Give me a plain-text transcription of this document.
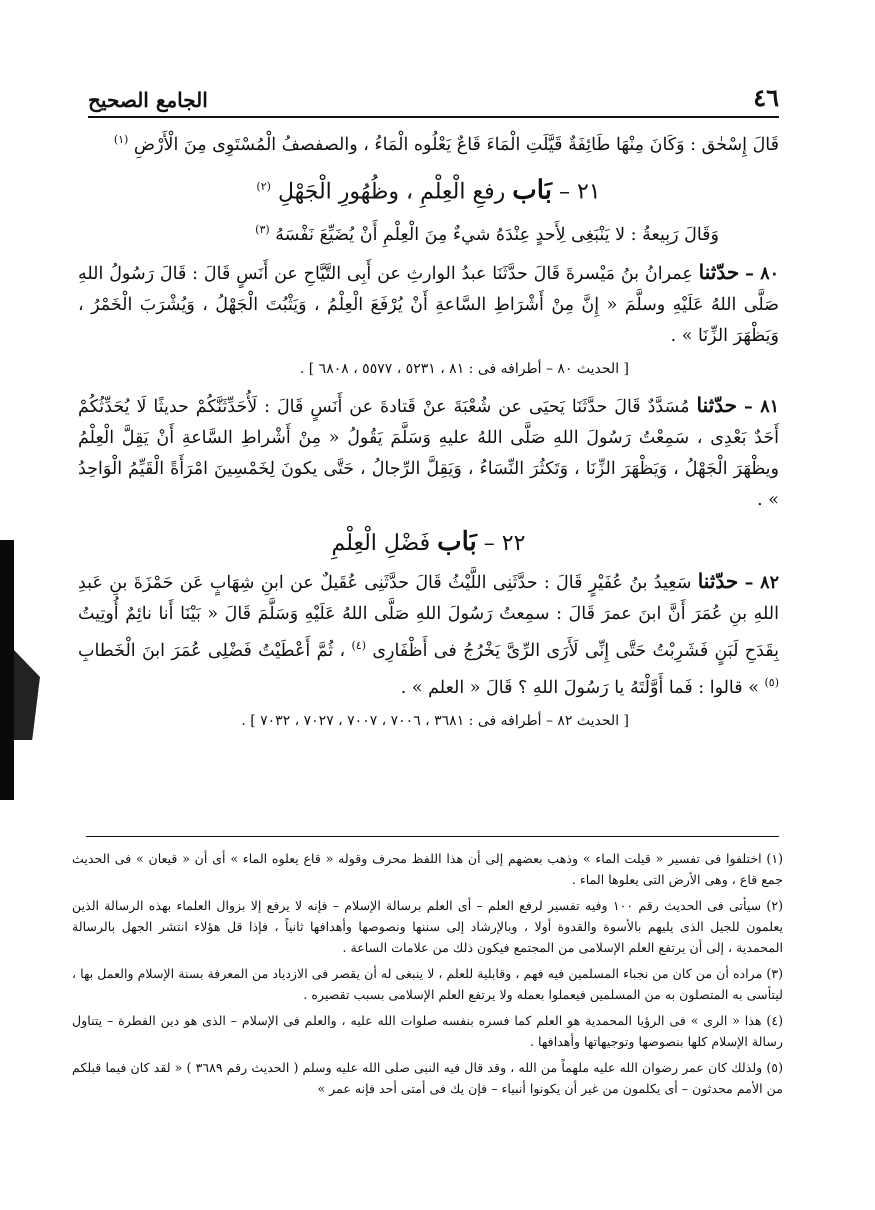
٤٦
الجامع الصحيح

قَالَ إِسْحٰق : وَكَانَ مِنْهَا طَائِفَةٌ قَيَّلَتِ الْمَاءَ قَاعٌ يَعْلُوه الْمَاءُ ، والصفصفُ الْمُسْتَوِى مِنَ الْأَرْضِ $^{(١)}$

٢١ – بَاب رفعِ الْعِلْمِ ، وظُهُورِ الْجَهْلِ $^{(٢)}$

وَقَالَ رَبِيعةُ : لا يَنْبَغِى لِأَحدٍ عِنْدَهُ شيءٌ مِنَ الْعِلْمِ أَنْ يُضَيِّعَ نَفْسَهُ $^{(٣)}$

٨٠ – حدّثنا عِمرانُ بنُ مَيْسرةَ قَالَ حدَّثَنَا عبدُ الوارثِ عن أَبِى التَّيَّاحِ عن أَنَسٍ قَالَ : قَالَ رَسُولُ اللهِ صَلَّى اللهُ عَلَيْهِ وسلَّمَ « إِنَّ مِنْ أَشْرَاطِ السَّاعةِ أَنْ يُرْفَعَ الْعِلْمُ ، وَيَثْبُتَ الْجَهْلُ ، وَيُشْرَبَ الْخَمْرُ ، وَيَظْهَرَ الزِّنَا » .

[ الحديث ٨٠ – أطرافه فى : ٨١ ، ٥٢٣١ ، ٥٥٧٧ ، ٦٨٠٨ ] .

٨١ – حدّثنا مُسَدَّدٌ قَالَ حدَّثَنَا يَحيَى عن شُعْبَةَ عنْ قَتادةَ عن أَنَسٍ قَالَ : لَأُحَدِّثَنَّكُمْ حديثًا لَا يُحَدِّثُكُمْ أَحَدٌ بَعْدِى ، سَمِعْتُ رَسُولَ اللهِ صَلَّى اللهُ عليهِ وَسَلَّمَ يَقُولُ « مِنْ أَشْراطِ السَّاعةِ أَنْ يَقِلَّ الْعِلْمُ ويظْهَرَ الْجَهْلُ ، وَيَظْهَرَ الزِّنَا ، وَتَكثُرَ النِّسَاءُ ، وَيَقِلَّ الرِّجالُ ، حَتَّى يكونَ لِخَمْسِينَ امْرَأَةً الْقَيِّمُ الْوَاحِدُ » .

٢٢ – بَاب فَضْلِ الْعِلْمِ

٨٢ – حدّثنا سَعِيدُ بنُ عُفَيْرٍ قَالَ : حدَّثَنِى اللَّيْثُ قَالَ حدَّثَنِى عُقَيلٌ عن ابنِ شِهَابٍ عَن حَمْزَةَ بنِ عَبدِ اللهِ بنِ عُمَرَ أَنَّ ابنَ عمرَ قَالَ : سمِعتُ رَسُولَ اللهِ صَلَّى اللهُ عَلَيْهِ وَسَلَّمَ قَالَ « بَيْنَا أَنا نائِمٌ أُوتِيتُ بِقَدَحِ لَبَنٍ فَشَرِبْتُ حَتَّى إِنِّى لَأَرَى الرِّىَّ يَخْرُجُ فى أَظْفَارِى $^{(٤)}$ ، ثُمَّ أَعْطَيْتُ فَضْلِى عُمَرَ ابنَ الْخَطابِ $^{(٥)}$ » قالوا : فَما أَوَّلْتَهُ يا رَسُولَ اللهِ ؟ قَالَ « العلم » .

[ الحديث ٨٢ – أطرافه فى : ٣٦٨١ ، ٧٠٠٦ ، ٧٠٠٧ ، ٧٠٢٧ ، ٧٠٣٢ ] .

(١) اختلفوا فى تفسير « قيلت الماء » وذهب بعضهم إلى أن هذا اللفظ محرف وقوله « قاع يعلوه الماء » أى أن « قيعان » فى الحديث جمع قاع ، وهى الأرض التى يعلوها الماء .

(٢) سيأتى فى الحديث رقم ١٠٠ وفيه تفسير لرفع العلم – أى العلم برسالة الإسلام – فإنه لا يرفع إلا بزوال العلماء بهذه الرسالة الذين يعلمون للجيل الذى يليهم بالأسوة والقدوة أولا ، وبالإرشاد إلى سننها ونصوصها وأهدافها ثانياً ، فإذا قل هؤلاء انتشر الجهل بالرسالة المحمدية ، إلى أن يرتفع العلم الإسلامى من المجتمع فيكون ذلك من علامات الساعة .

(٣) مراده أن من كان من نجباء المسلمين فيه فهم ، وقابلية للعلم ، لا ينبغى له أن يقصر فى الازدياد من المعرفة بسنة الإسلام والعمل بها ، ليتأسى به المتصلون به من المسلمين فيعملوا بعمله ولا يرتفع العلم الإسلامى بسبب تقصيره .

(٤) هذا « الرى » فى الرؤيا المحمدية هو العلم كما فسره بنفسه صلوات الله عليه ، والعلم فى الإسلام – الذى هو دين الفطرة – يتناول رسالة الإسلام كلها بنصوصها وتوجيهاتها وأهدافها .

(٥) ولذلك كان عمر رضوان الله عليه ملهماً من الله ، وقد قال فيه النبى صلى الله عليه وسلم ( الحديث رقم ٣٦٨٩ ) « لقد كان فيما قبلكم من الأمم محدثون – أى يكلمون من غير أن يكونوا أنبياء – فإن يك فى أمتى أحد فإنه عمر »
